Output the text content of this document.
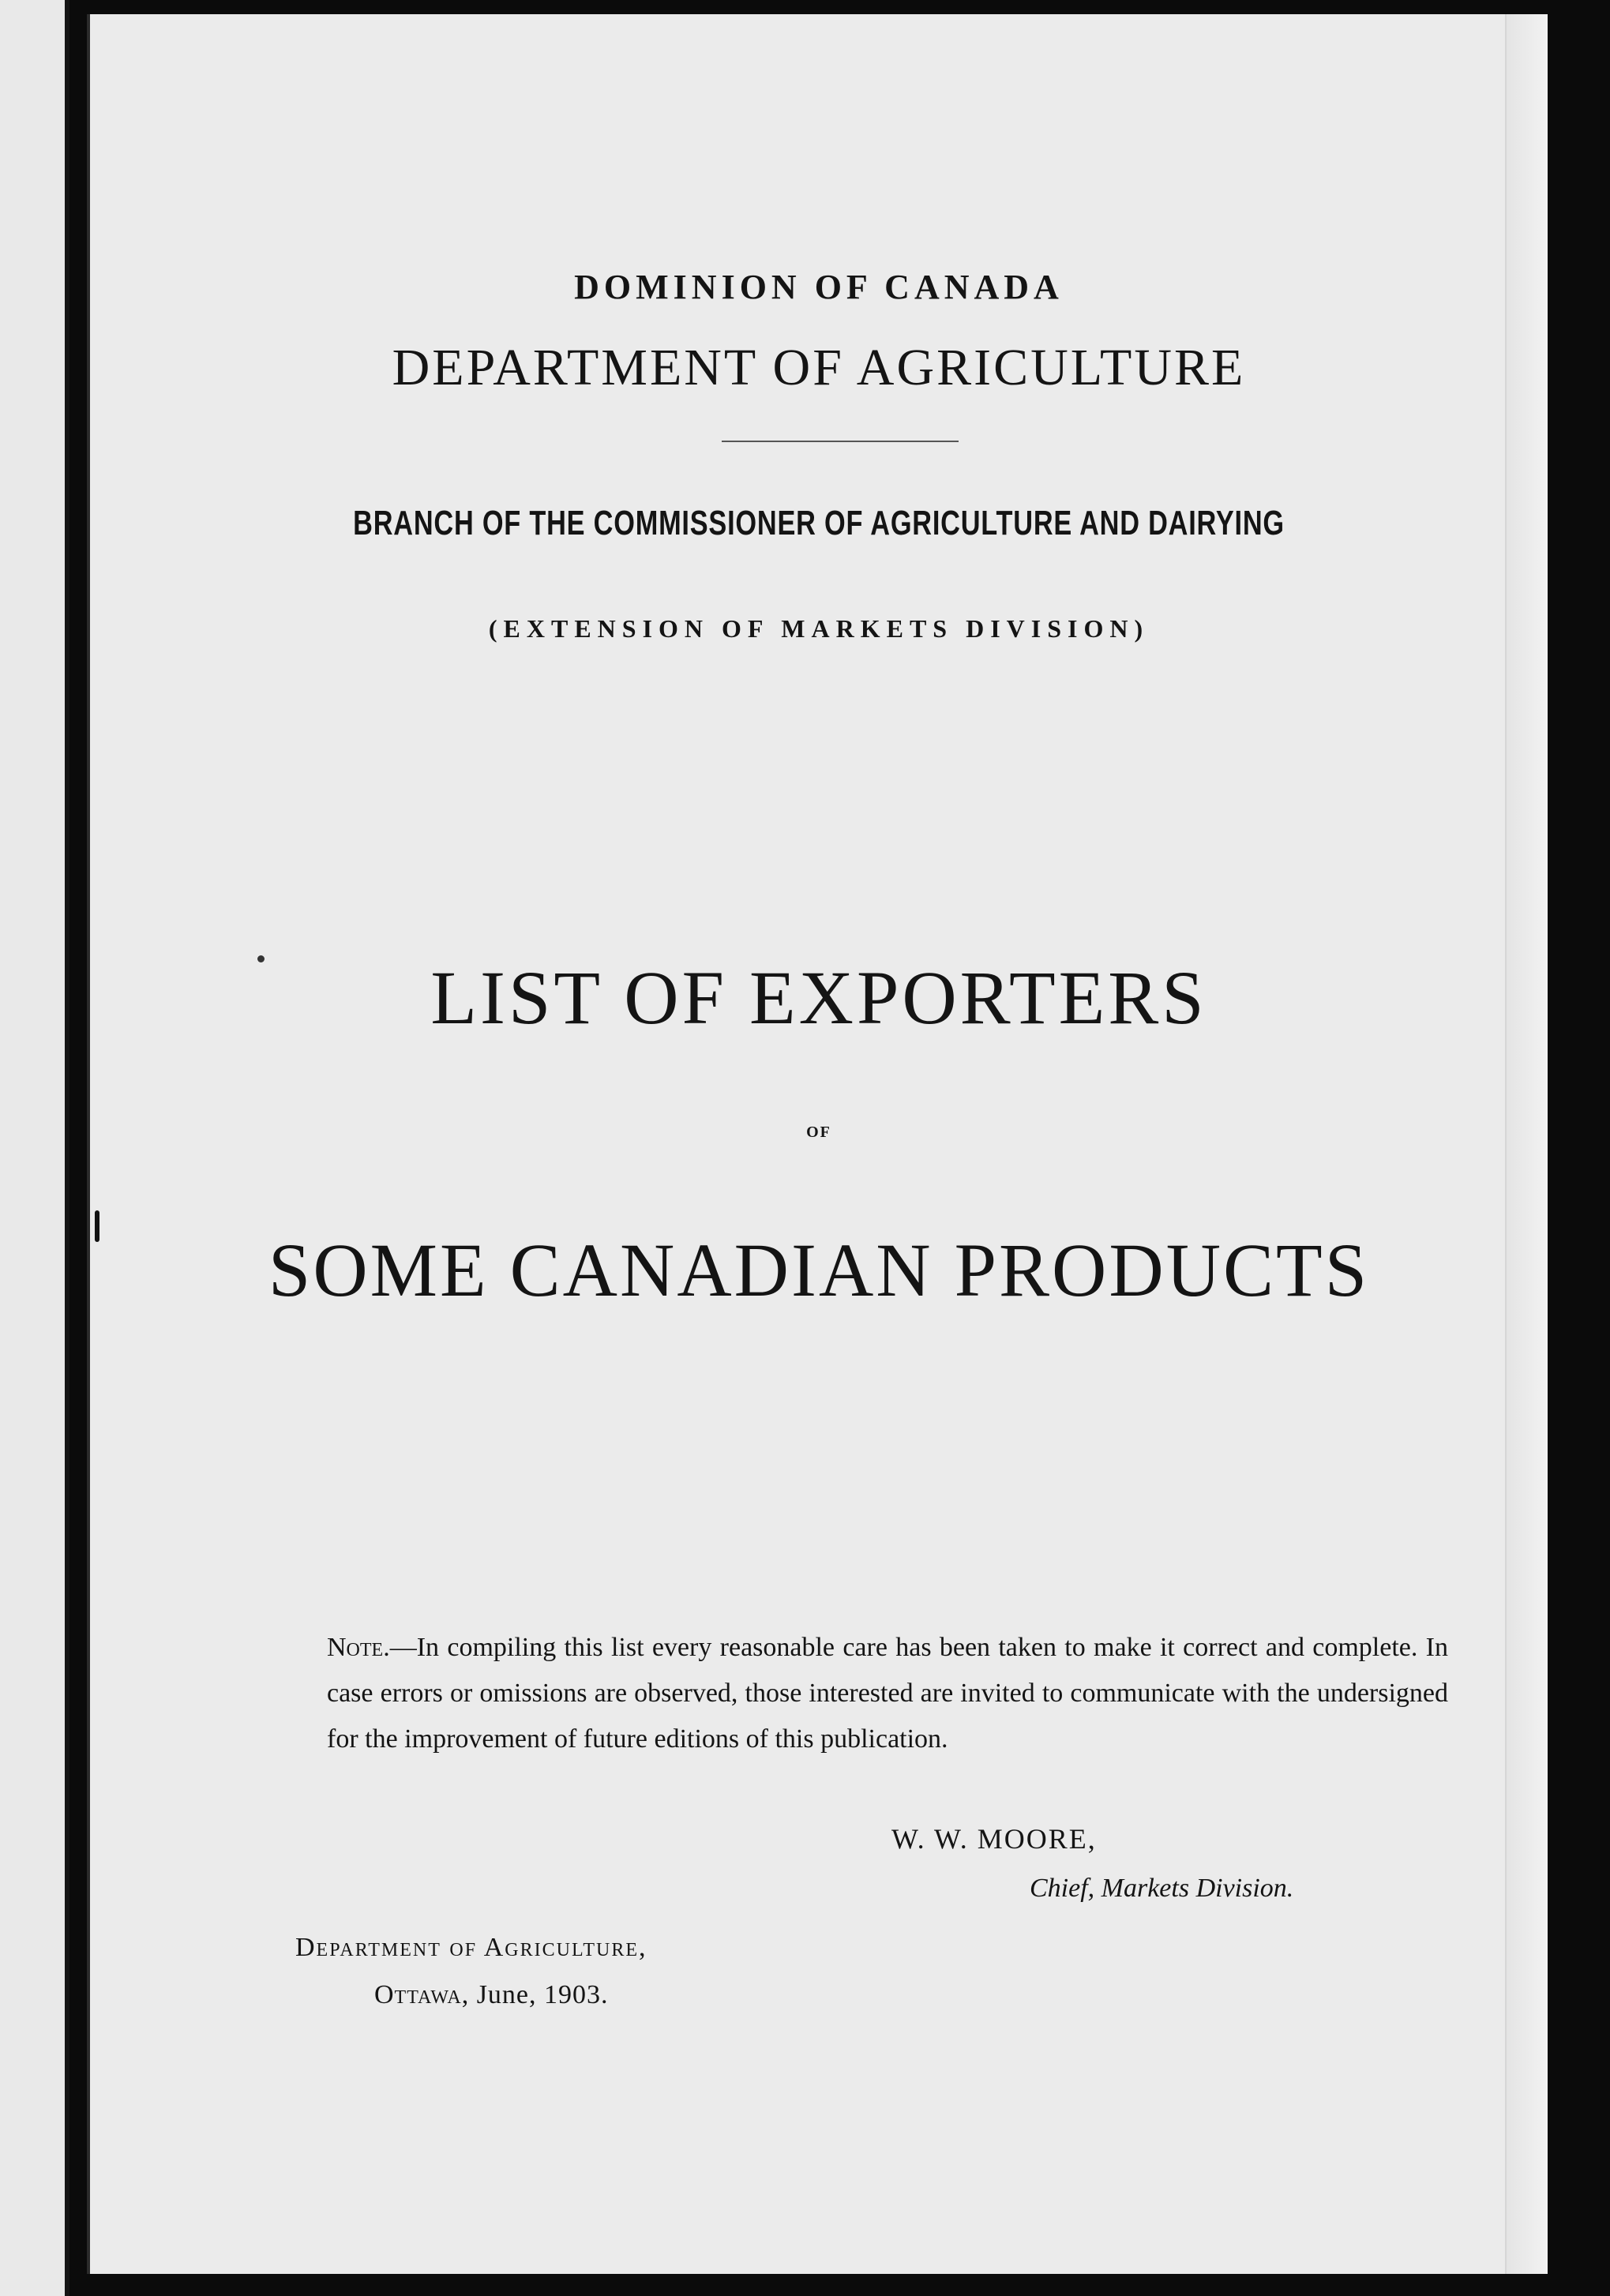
DOMINION OF CANADA
DEPARTMENT OF AGRICULTURE
BRANCH OF THE COMMISSIONER OF AGRICULTURE AND DAIRYING
(EXTENSION OF MARKETS DIVISION)
LIST OF EXPORTERS
OF
SOME CANADIAN PRODUCTS
Note.—In compiling this list every reasonable care has been taken to make it correct and complete. In case errors or omissions are observed, those interested are invited to communicate with the undersigned for the improvement of future editions of this publication.
W. W. MOORE,
Chief, Markets Division.
Department of Agriculture,
Ottawa, June, 1903.
